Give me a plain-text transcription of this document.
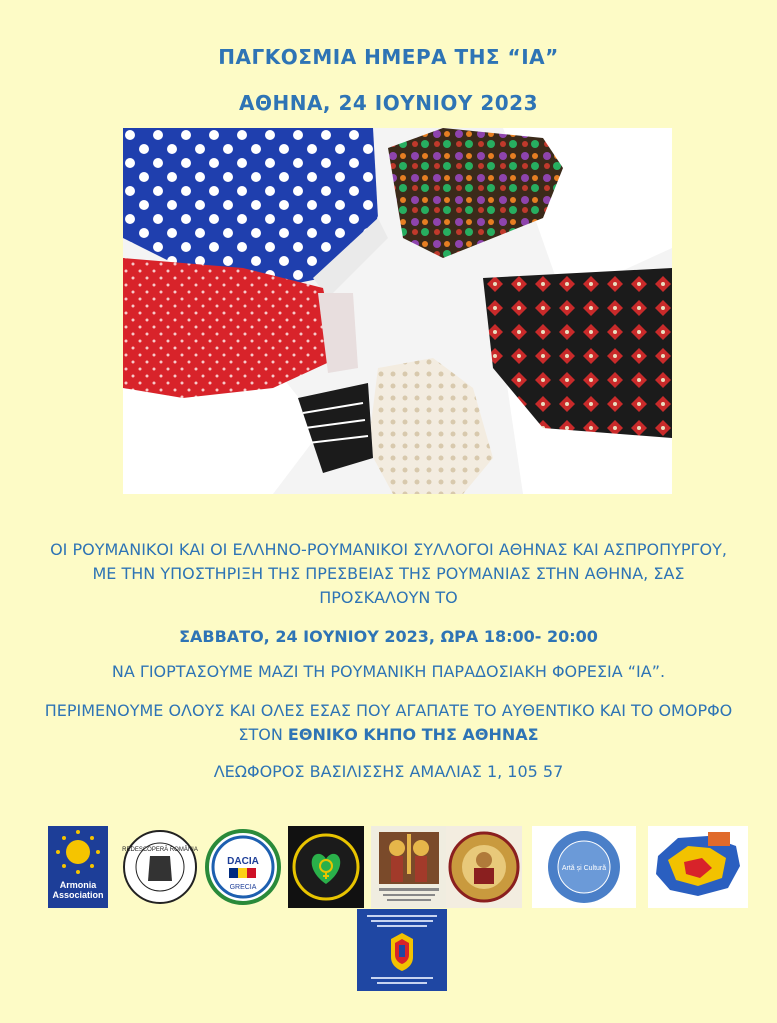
ΠΑΓΚΟΣΜΙΑ ΗΜΕΡΑ ΤΗΣ “ΙΑ”
ΑΘΗΝΑ, 24 ΙΟΥΝΙΟΥ 2023
ΟΙ ΡΟΥΜΑΝΙΚΟΙ ΚΑΙ ΟΙ ΕΛΛΗΝΟ-ΡΟΥΜΑΝΙΚΟΙ ΣΥΛΛΟΓΟΙ ΑΘΗΝΑΣ ΚΑΙ ΑΣΠΡΟΠΥΡΓΟΥ, ΜΕ ΤΗΝ ΥΠΟΣΤΗΡΙΞΗ ΤΗΣ ΠΡΕΣΒΕΙΑΣ ΤΗΣ ΡΟΥΜΑΝΙΑΣ ΣΤΗΝ ΑΘΗΝΑ, ΣΑΣ ΠΡΟΣΚΑΛΟΥΝ ΤΟ
ΣΑΒΒΑΤΟ, 24 ΙΟΥΝΙΟΥ 2023, ΩΡΑ 18:00- 20:00
ΝΑ ΓΙΟΡΤΑΣΟΥΜΕ ΜΑΖΙ ΤΗ ΡΟΥΜΑΝΙΚΗ ΠΑΡΑΔΟΣΙΑΚΗ ΦΟΡΕΣΙΑ “ΙΑ”.
ΠΕΡΙΜΕΝΟΥΜΕ ΟΛΟΥΣ ΚΑΙ ΟΛΕΣ ΕΣΑΣ ΠΟΥ ΑΓΑΠΑΤΕ ΤΟ ΑΥΘΕΝΤΙΚΟ ΚΑΙ ΤΟ ΟΜΟΡΦΟ ΣΤΟΝ ΕΘΝΙΚΟ ΚΗΠΟ ΤΗΣ ΑΘΗΝΑΣ
ΛΕΩΦΟΡΟΣ ΒΑΣΙΛΙΣΣΗΣ ΑΜΑΛΙΑΣ 1, 105 57
Armonia Association
REDESCOPERĂ ROMÂNIA
DACIA
GRECIA
Artă și Cultură
